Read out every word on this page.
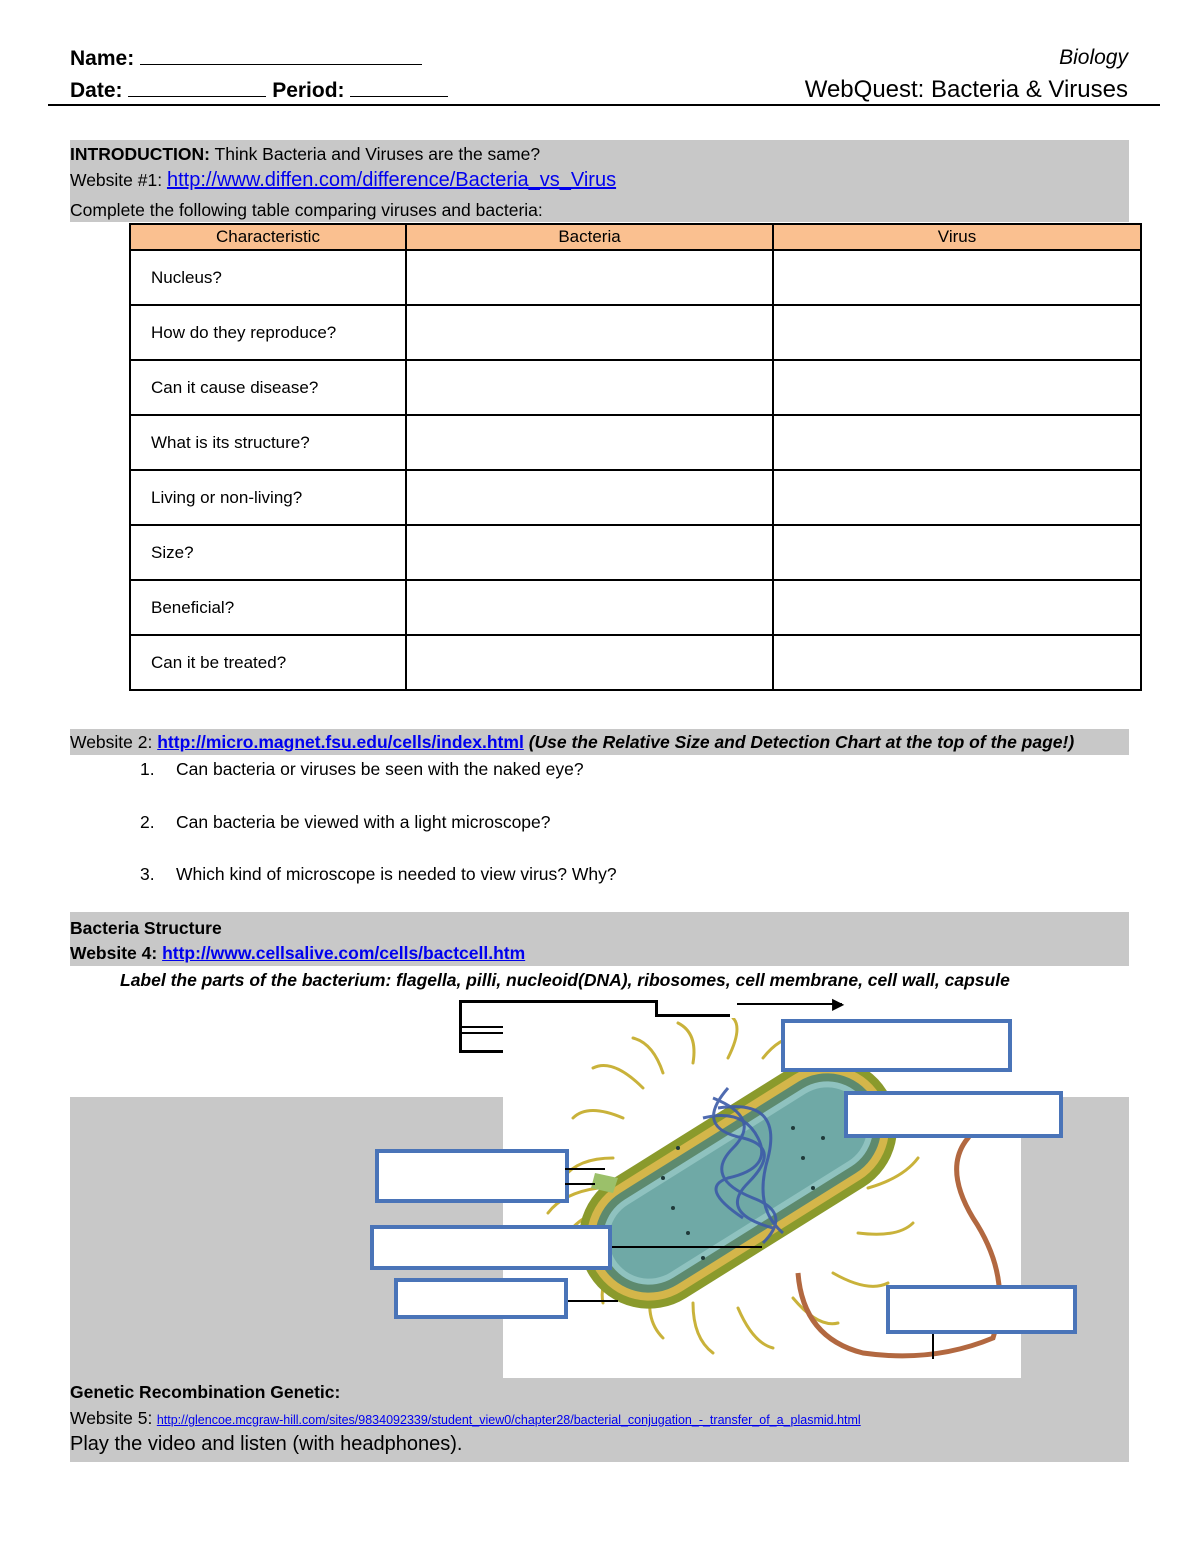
Name:
Date:	Period:
Biology
WebQuest: Bacteria & Viruses
INTRODUCTION: Think Bacteria and Viruses are the same?
Website #1: http://www.diffen.com/difference/Bacteria_vs_Virus
Complete the following table comparing viruses and bacteria:
Characteristic	Bacteria	Virus
Nucleus?		
How do they reproduce?		
Can it cause disease?		
What is its structure?		
Living or non-living?		
Size?		
Beneficial?		
Can it be treated?		
Website 2: http://micro.magnet.fsu.edu/cells/index.html (Use the Relative Size and Detection Chart at the top of the page!)
1. Can bacteria or viruses be seen with the naked eye?
2. Can bacteria be viewed with a light microscope?
3. Which kind of microscope is needed to view virus? Why?
Bacteria Structure
Website 4: http://www.cellsalive.com/cells/bactcell.htm
Label the parts of the bacterium: flagella, pilli, nucleoid(DNA), ribosomes, cell membrane, cell wall, capsule
▶
Genetic Recombination Genetic:
Website 5: http://glencoe.mcgraw-hill.com/sites/9834092339/student_view0/chapter28/bacterial_conjugation_-_transfer_of_a_plasmid.html
Play the video and listen (with headphones).
